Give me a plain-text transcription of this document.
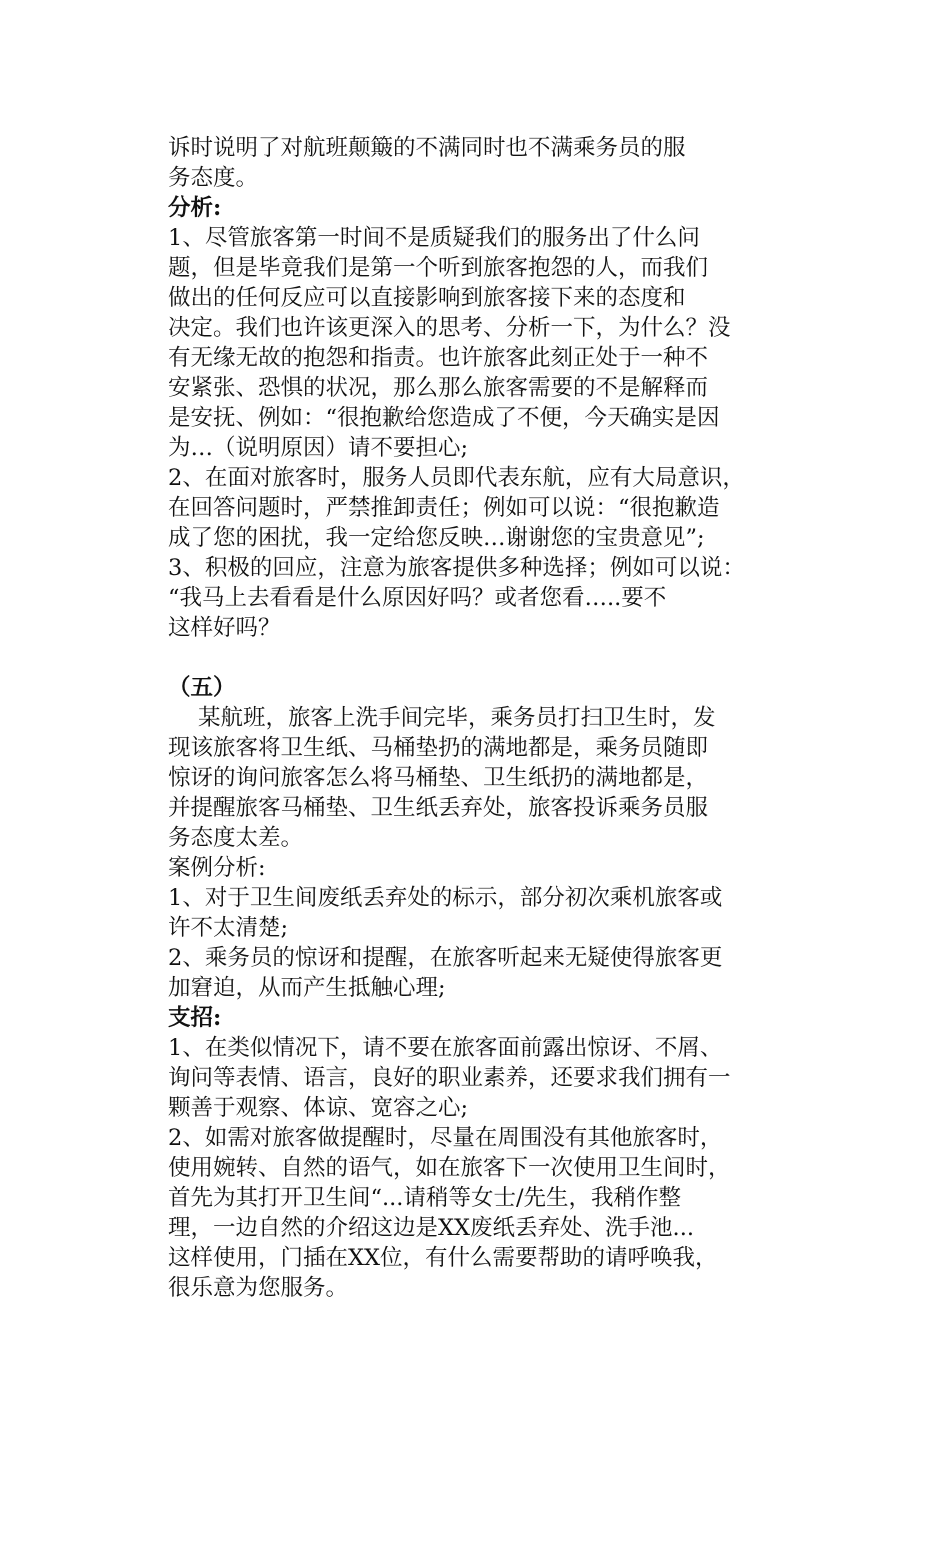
诉时说明了对航班颠簸的不满同时也不满乘务员的服
务态度。
分析:
1、尽管旅客第一时间不是质疑我们的服务出了什么问
题，但是毕竟我们是第一个听到旅客抱怨的人，而我们
做出的任何反应可以直接影响到旅客接下来的态度和
决定。我们也许该更深入的思考、分析一下，为什么？没
有无缘无故的抱怨和指责。也许旅客此刻正处于一种不
安紧张、恐惧的状况，那么那么旅客需要的不是解释而
是安抚、例如：“很抱歉给您造成了不便，今天确实是因
为…（说明原因）请不要担心;
2、在面对旅客时，服务人员即代表东航，应有大局意识，
在回答问题时，严禁推卸责任；例如可以说：“很抱歉造
成了您的困扰，我一定给您反映…谢谢您的宝贵意见”;
3、积极的回应，注意为旅客提供多种选择；例如可以说：
“我马上去看看是什么原因好吗？或者您看…..要不
这样好吗？
（五）
某航班，旅客上洗手间完毕，乘务员打扫卫生时，发
现该旅客将卫生纸、马桶垫扔的满地都是，乘务员随即
惊讶的询问旅客怎么将马桶垫、卫生纸扔的满地都是，
并提醒旅客马桶垫、卫生纸丢弃处，旅客投诉乘务员服
务态度太差。
案例分析:
1、对于卫生间废纸丢弃处的标示，部分初次乘机旅客或
许不太清楚;
2、乘务员的惊讶和提醒，在旅客听起来无疑使得旅客更
加窘迫，从而产生抵触心理;
支招:
1、在类似情况下，请不要在旅客面前露出惊讶、不屑、
询问等表情、语言，良好的职业素养，还要求我们拥有一
颗善于观察、体谅、宽容之心;
2、如需对旅客做提醒时，尽量在周围没有其他旅客时，
使用婉转、自然的语气，如在旅客下一次使用卫生间时，
首先为其打开卫生间“...请稍等女士/先生，我稍作整
理，一边自然的介绍这边是XX废纸丢弃处、洗手池...
这样使用，门插在XX位，有什么需要帮助的请呼唤我，
很乐意为您服务。
